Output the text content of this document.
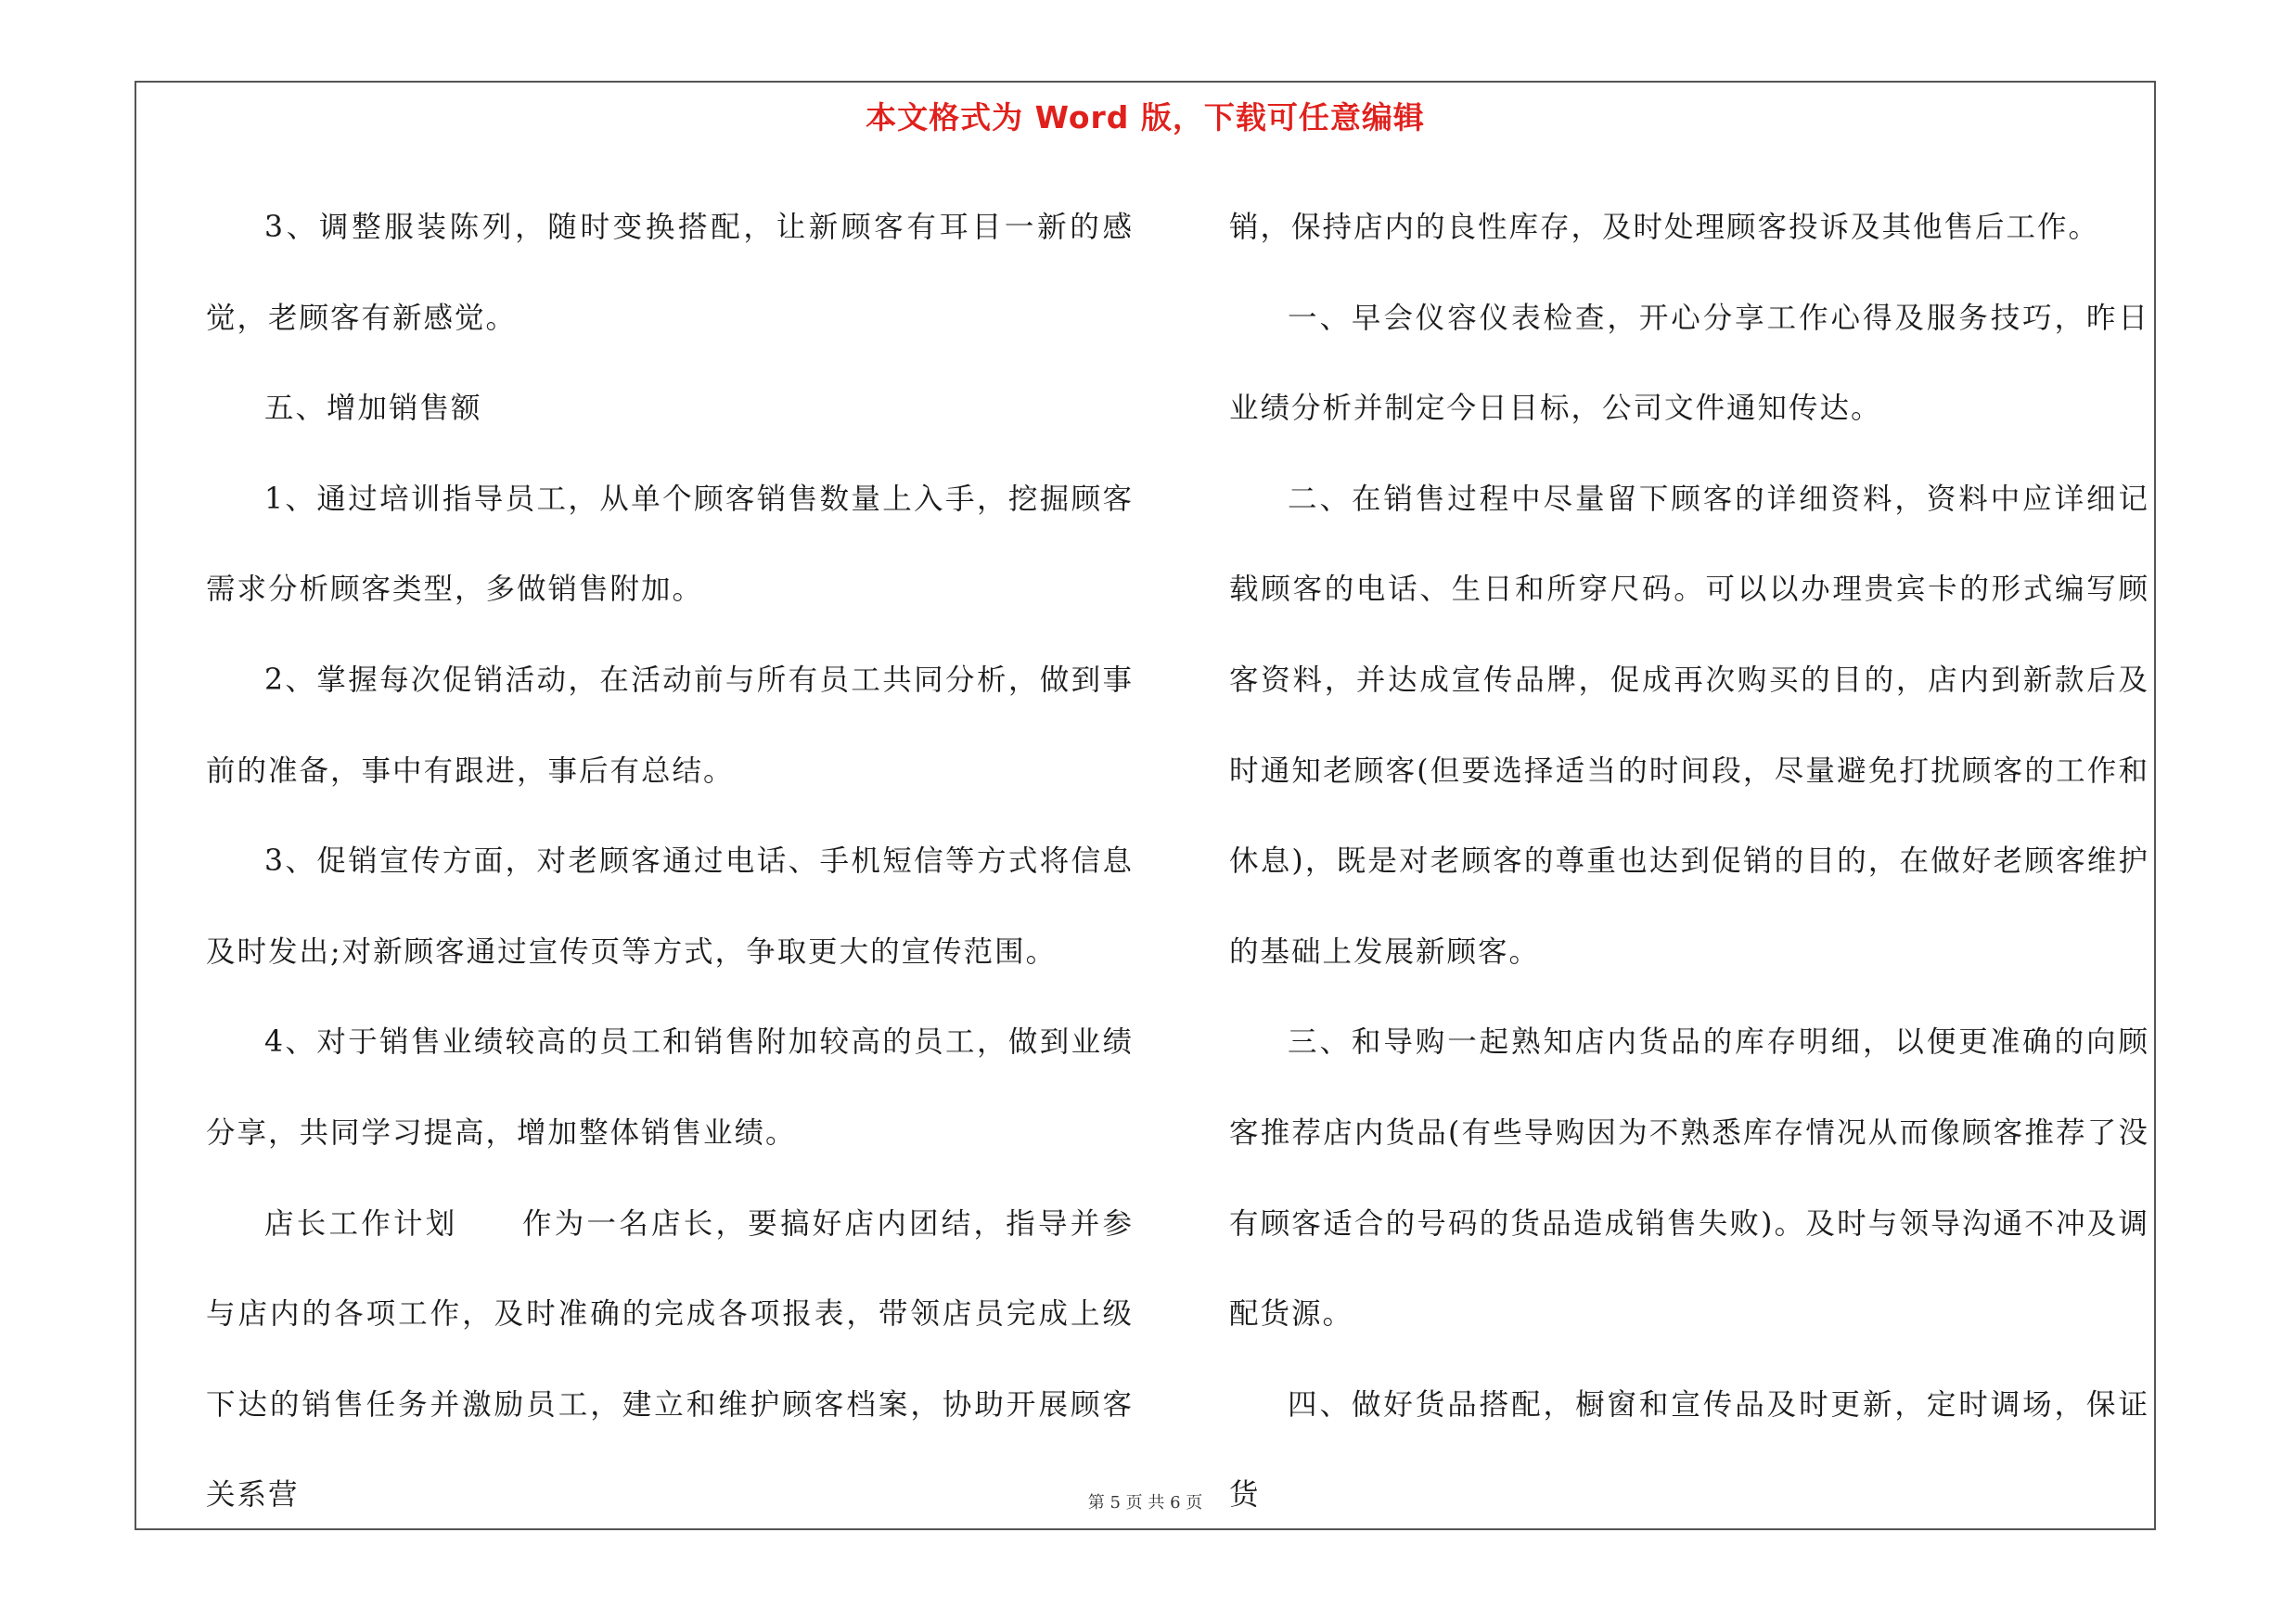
本文格式为 Word 版，下载可任意编辑

3、调整服装陈列，随时变换搭配，让新顾客有耳目一新的感觉，老顾客有新感觉。

五、增加销售额

1、通过培训指导员工，从单个顾客销售数量上入手，挖掘顾客需求分析顾客类型，多做销售附加。

2、掌握每次促销活动，在活动前与所有员工共同分析，做到事前的准备，事中有跟进，事后有总结。

3、促销宣传方面，对老顾客通过电话、手机短信等方式将信息及时发出;对新顾客通过宣传页等方式，争取更大的宣传范围。

4、对于销售业绩较高的员工和销售附加较高的员工，做到业绩分享，共同学习提高，增加整体销售业绩。

店长工作计划　　作为一名店长，要搞好店内团结，指导并参与店内的各项工作，及时准确的完成各项报表，带领店员完成上级下达的销售任务并激励员工，建立和维护顾客档案，协助开展顾客关系营

销，保持店内的良性库存，及时处理顾客投诉及其他售后工作。

一、早会仪容仪表检查，开心分享工作心得及服务技巧，昨日业绩分析并制定今日目标，公司文件通知传达。

二、在销售过程中尽量留下顾客的详细资料，资料中应详细记载顾客的电话、生日和所穿尺码。可以以办理贵宾卡的形式编写顾客资料，并达成宣传品牌，促成再次购买的目的，店内到新款后及时通知老顾客(但要选择适当的时间段，尽量避免打扰顾客的工作和休息)，既是对老顾客的尊重也达到促销的目的，在做好老顾客维护的基础上发展新顾客。

三、和导购一起熟知店内货品的库存明细，以便更准确的向顾客推荐店内货品(有些导购因为不熟悉库存情况从而像顾客推荐了没有顾客适合的号码的货品造成销售失败)。及时与领导沟通不冲及调配货源。

四、做好货品搭配，橱窗和宣传品及时更新，定时调场，保证货

第 5 页 共 6 页
